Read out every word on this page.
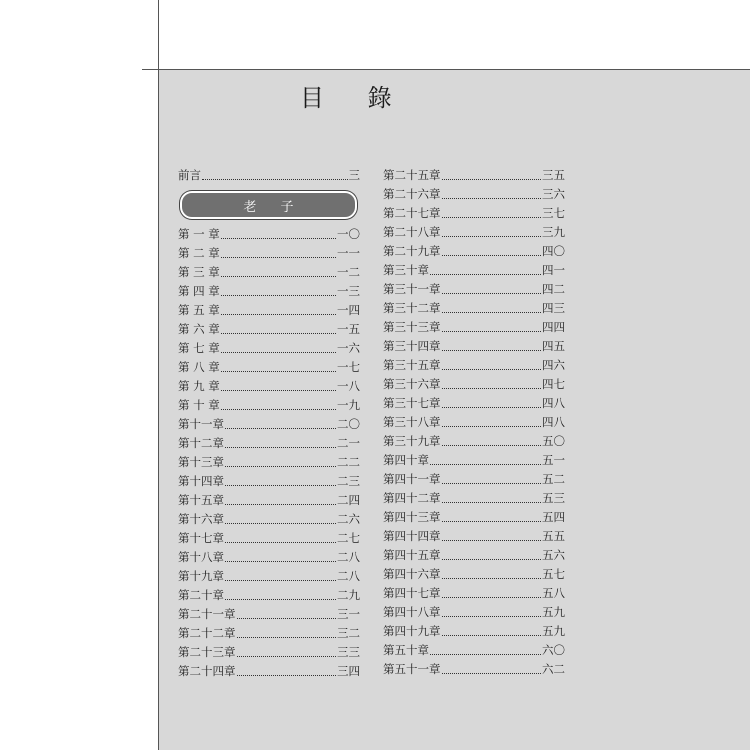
目 錄
前言	三
老 子
第 一 章	一〇
第 二 章	一一
第 三 章	一二
第 四 章	一三
第 五 章	一四
第 六 章	一五
第 七 章	一六
第 八 章	一七
第 九 章	一八
第 十 章	一九
第十一章	二〇
第十二章	二一
第十三章	二二
第十四章	二三
第十五章	二四
第十六章	二六
第十七章	二七
第十八章	二八
第十九章	二八
第二十章	二九
第二十一章	三一
第二十二章	三二
第二十三章	三三
第二十四章	三四
第二十五章	三五
第二十六章	三六
第二十七章	三七
第二十八章	三九
第二十九章	四〇
第三十章	四一
第三十一章	四二
第三十二章	四三
第三十三章	四四
第三十四章	四五
第三十五章	四六
第三十六章	四七
第三十七章	四八
第三十八章	四八
第三十九章	五〇
第四十章	五一
第四十一章	五二
第四十二章	五三
第四十三章	五四
第四十四章	五五
第四十五章	五六
第四十六章	五七
第四十七章	五八
第四十八章	五九
第四十九章	五九
第五十章	六〇
第五十一章	六二
